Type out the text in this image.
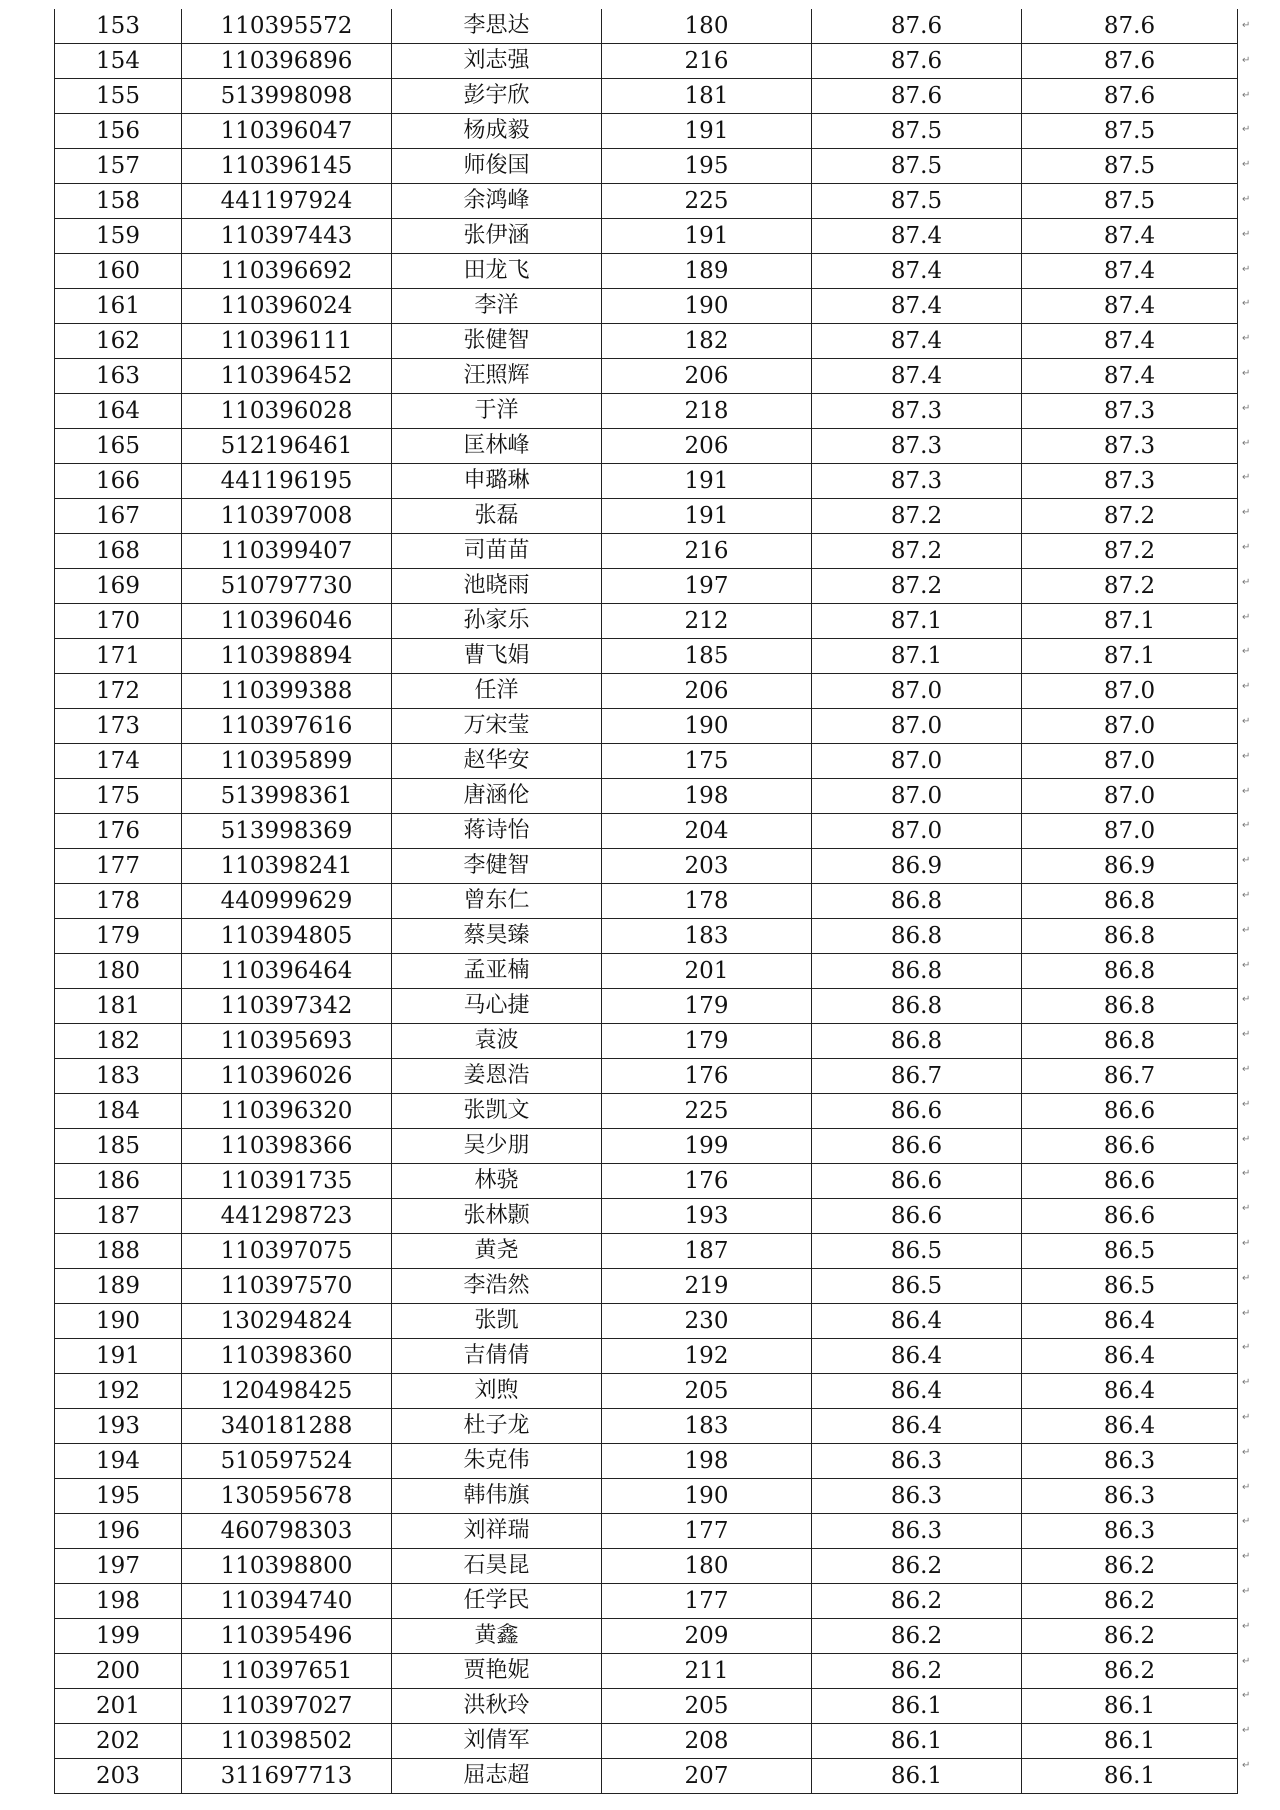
153	110395572	李思达	180	87.6	87.6
154	110396896	刘志强	216	87.6	87.6
155	513998098	彭宇欣	181	87.6	87.6
156	110396047	杨成毅	191	87.5	87.5
157	110396145	师俊国	195	87.5	87.5
158	441197924	余鸿峰	225	87.5	87.5
159	110397443	张伊涵	191	87.4	87.4
160	110396692	田龙飞	189	87.4	87.4
161	110396024	李洋	190	87.4	87.4
162	110396111	张健智	182	87.4	87.4
163	110396452	汪照辉	206	87.4	87.4
164	110396028	于洋	218	87.3	87.3
165	512196461	匡林峰	206	87.3	87.3
166	441196195	申璐琳	191	87.3	87.3
167	110397008	张磊	191	87.2	87.2
168	110399407	司苗苗	216	87.2	87.2
169	510797730	池晓雨	197	87.2	87.2
170	110396046	孙家乐	212	87.1	87.1
171	110398894	曹飞娟	185	87.1	87.1
172	110399388	任洋	206	87.0	87.0
173	110397616	万宋莹	190	87.0	87.0
174	110395899	赵华安	175	87.0	87.0
175	513998361	唐涵伦	198	87.0	87.0
176	513998369	蒋诗怡	204	87.0	87.0
177	110398241	李健智	203	86.9	86.9
178	440999629	曾东仁	178	86.8	86.8
179	110394805	蔡昊臻	183	86.8	86.8
180	110396464	孟亚楠	201	86.8	86.8
181	110397342	马心捷	179	86.8	86.8
182	110395693	袁波	179	86.8	86.8
183	110396026	姜恩浩	176	86.7	86.7
184	110396320	张凯文	225	86.6	86.6
185	110398366	吴少朋	199	86.6	86.6
186	110391735	林骁	176	86.6	86.6
187	441298723	张林颢	193	86.6	86.6
188	110397075	黄尧	187	86.5	86.5
189	110397570	李浩然	219	86.5	86.5
190	130294824	张凯	230	86.4	86.4
191	110398360	吉倩倩	192	86.4	86.4
192	120498425	刘煦	205	86.4	86.4
193	340181288	杜子龙	183	86.4	86.4
194	510597524	朱克伟	198	86.3	86.3
195	130595678	韩伟旗	190	86.3	86.3
196	460798303	刘祥瑞	177	86.3	86.3
197	110398800	石昊昆	180	86.2	86.2
198	110394740	任学民	177	86.2	86.2
199	110395496	黄鑫	209	86.2	86.2
200	110397651	贾艳妮	211	86.2	86.2
201	110397027	洪秋玲	205	86.1	86.1
202	110398502	刘倩军	208	86.1	86.1
203	311697713	屈志超	207	86.1	86.1
↵
↵
↵
↵
↵
↵
↵
↵
↵
↵
↵
↵
↵
↵
↵
↵
↵
↵
↵
↵
↵
↵
↵
↵
↵
↵
↵
↵
↵
↵
↵
↵
↵
↵
↵
↵
↵
↵
↵
↵
↵
↵
↵
↵
↵
↵
↵
↵
↵
↵
↵
